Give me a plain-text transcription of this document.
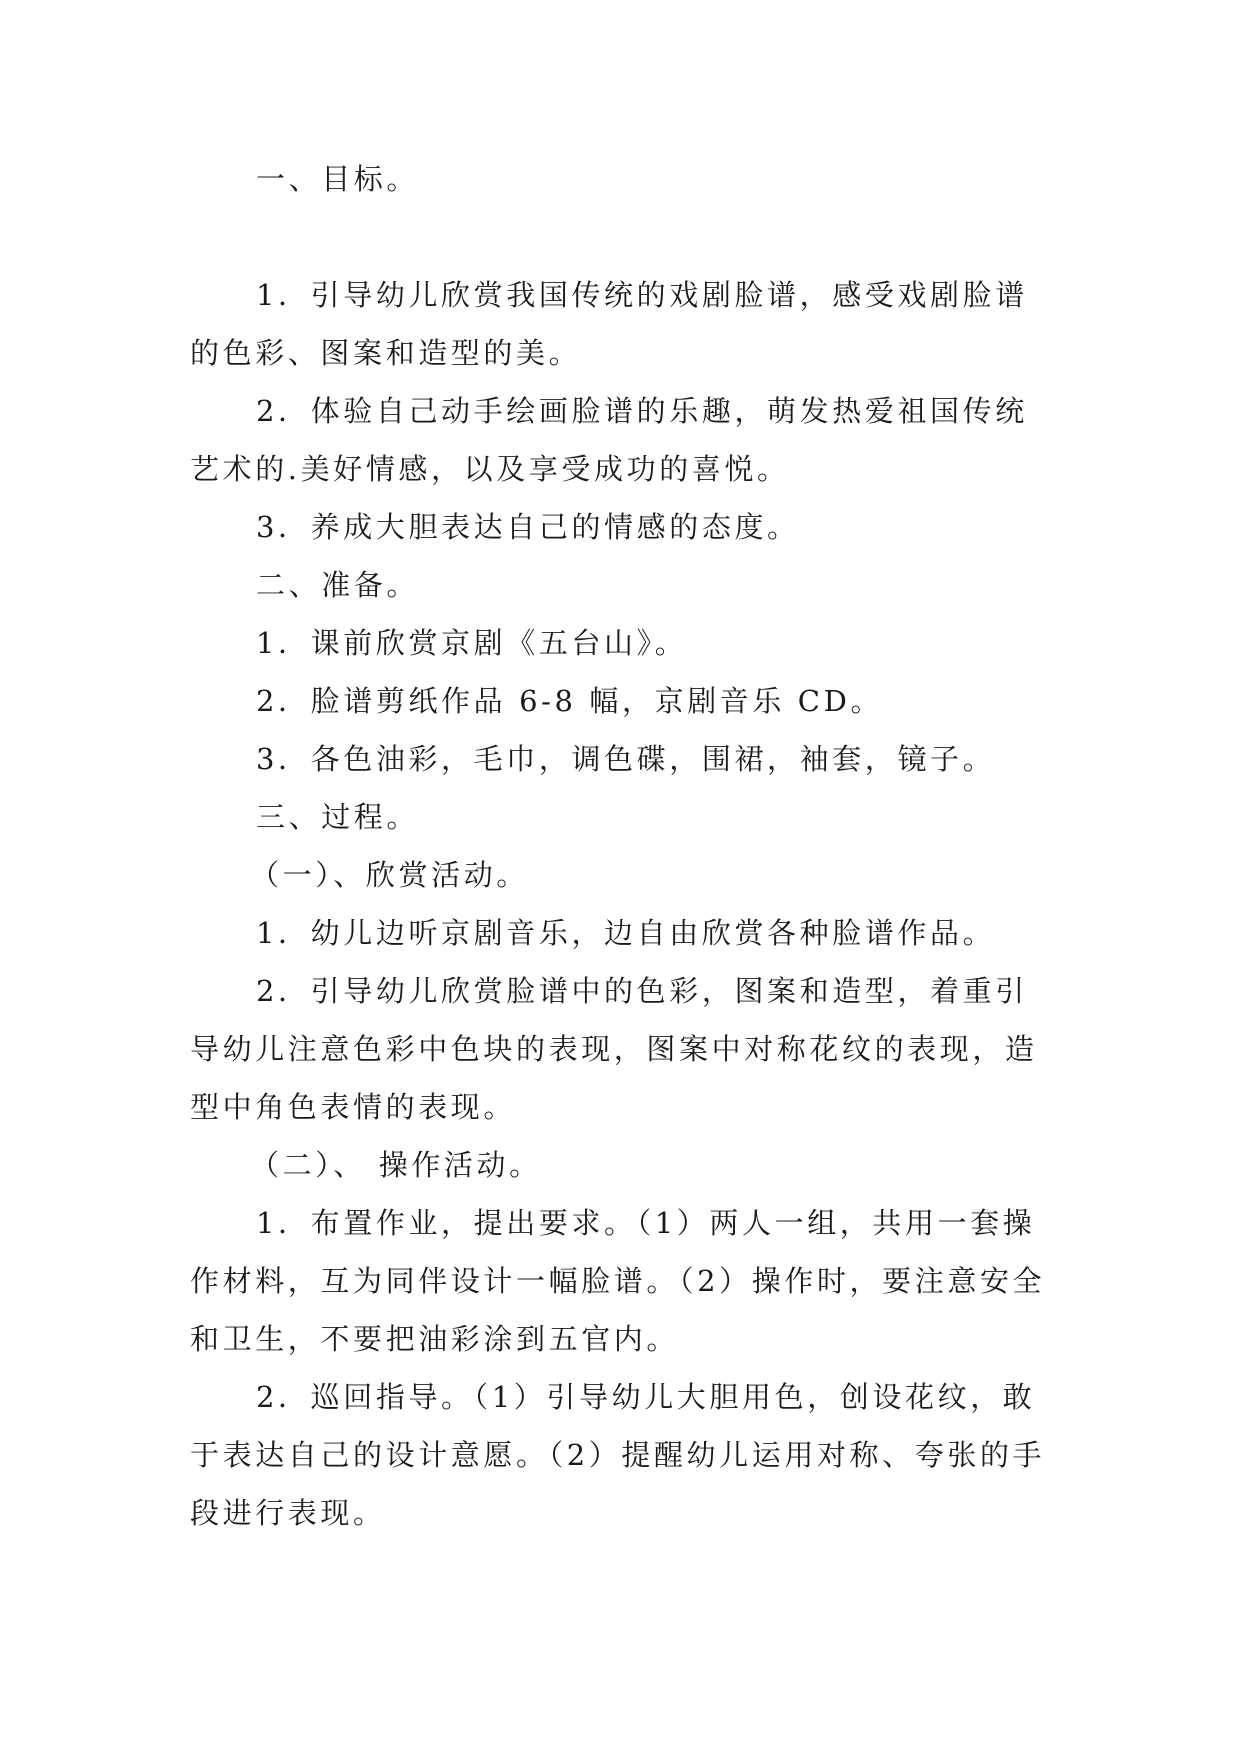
一、目标。

1．引导幼儿欣赏我国传统的戏剧脸谱，感受戏剧脸谱的色彩、图案和造型的美。

2．体验自己动手绘画脸谱的乐趣，萌发热爱祖国传统艺术的.美好情感，以及享受成功的喜悦。

3．养成大胆表达自己的情感的态度。

二、准备。

1．课前欣赏京剧《五台山》。

2．脸谱剪纸作品 6-8 幅，京剧音乐 CD。

3．各色油彩，毛巾，调色碟，围裙，袖套，镜子。

三、过程。

（一）、欣赏活动。

1．幼儿边听京剧音乐，边自由欣赏各种脸谱作品。

2．引导幼儿欣赏脸谱中的色彩，图案和造型，着重引导幼儿注意色彩中色块的表现，图案中对称花纹的表现，造型中角色表情的表现。

（二）、 操作活动。

1．布置作业，提出要求。（1）两人一组，共用一套操作材料，互为同伴设计一幅脸谱。（2）操作时，要注意安全和卫生，不要把油彩涂到五官内。

2．巡回指导。（1）引导幼儿大胆用色，创设花纹，敢于表达自己的设计意愿。（2）提醒幼儿运用对称、夸张的手段进行表现。
